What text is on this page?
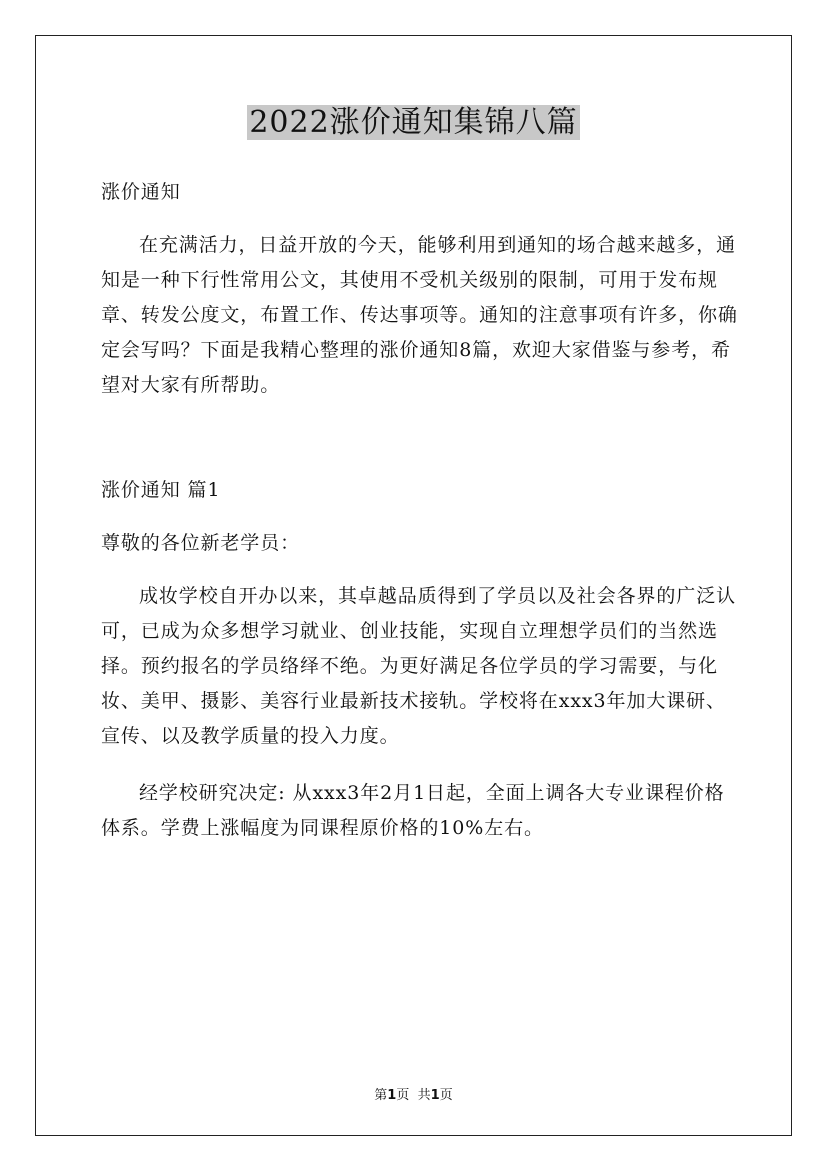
2022涨价通知集锦八篇

涨价通知

在充满活力，日益开放的今天，能够利用到通知的场合越来越多，通知是一种下行性常用公文，其使用不受机关级别的限制，可用于发布规章、转发公度文，布置工作、传达事项等。通知的注意事项有许多，你确定会写吗？下面是我精心整理的涨价通知8篇，欢迎大家借鉴与参考，希望对大家有所帮助。

涨价通知 篇1

尊敬的各位新老学员：

成妆学校自开办以来，其卓越品质得到了学员以及社会各界的广泛认可，已成为众多想学习就业、创业技能，实现自立理想学员们的当然选择。预约报名的学员络绎不绝。为更好满足各位学员的学习需要，与化妆、美甲、摄影、美容行业最新技术接轨。学校将在xxx3年加大课研、宣传、以及教学质量的投入力度。

经学校研究决定: 从xxx3年2月1日起，全面上调各大专业课程价格体系。学费上涨幅度为同课程原价格的10%左右。

第1页 共1页
